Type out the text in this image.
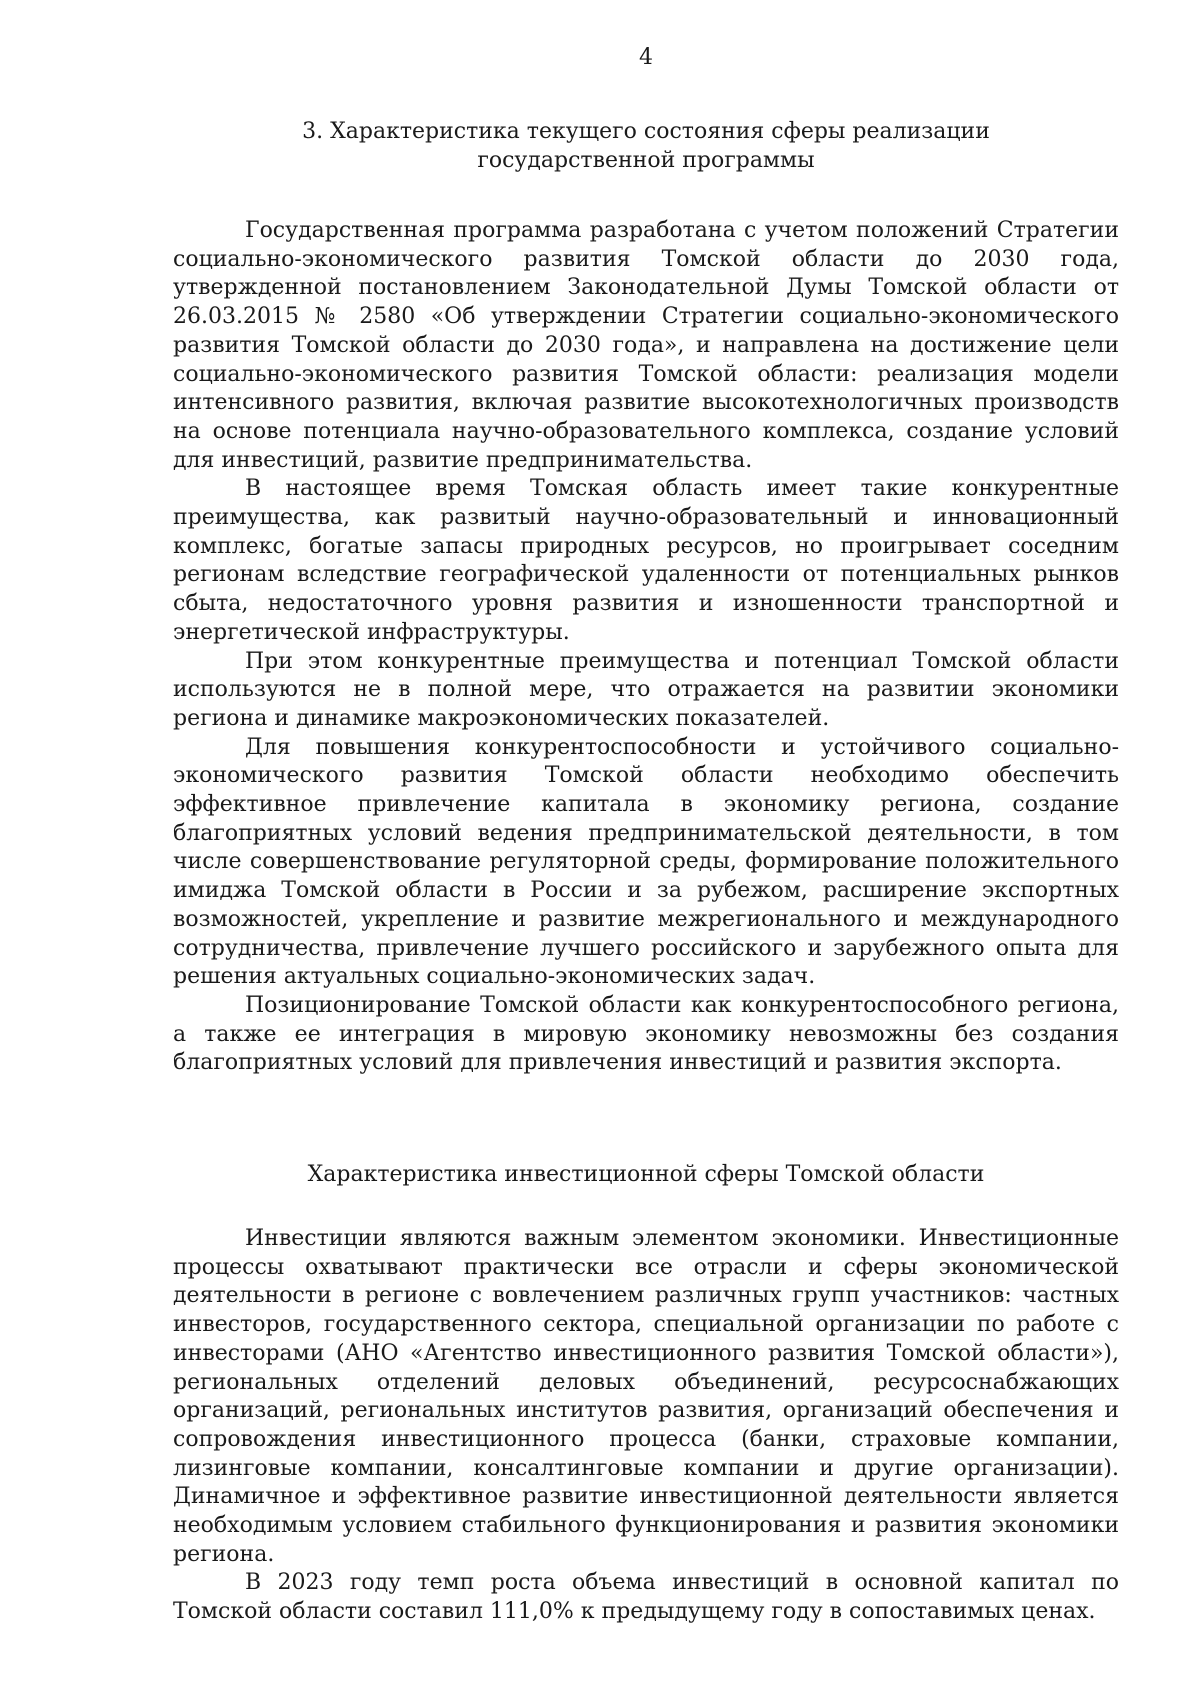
4
3. Характеристика текущего состояния сферы реализации
государственной программы

Государственная программа разработана с учетом положений Стратегии социально-экономического развития Томской области до 2030 года, утвержденной постановлением Законодательной Думы Томской области от 26.03.2015 № 2580 «Об утверждении Стратегии социально-экономического развития Томской области до 2030 года», и направлена на достижение цели социально-экономического развития Томской области: реализация модели интенсивного развития, включая развитие высокотехнологичных производств на основе потенциала научно-образовательного комплекса, создание условий для инвестиций, развитие предпринимательства.

В настоящее время Томская область имеет такие конкурентные преимущества, как развитый научно-образовательный и инновационный комплекс, богатые запасы природных ресурсов, но проигрывает соседним регионам вследствие географической удаленности от потенциальных рынков сбыта, недостаточного уровня развития и изношенности транспортной и энергетической инфраструктуры.

При этом конкурентные преимущества и потенциал Томской области используются не в полной мере, что отражается на развитии экономики региона и динамике макроэкономических показателей.

Для повышения конкурентоспособности и устойчивого социально-экономического развития Томской области необходимо обеспечить эффективное привлечение капитала в экономику региона, создание благоприятных условий ведения предпринимательской деятельности, в том числе совершенствование регуляторной среды, формирование положительного имиджа Томской области в России и за рубежом, расширение экспортных возможностей, укрепление и развитие межрегионального и международного сотрудничества, привлечение лучшего российского и зарубежного опыта для решения актуальных социально-экономических задач.

Позиционирование Томской области как конкурентоспособного региона, а также ее интеграция в мировую экономику невозможны без создания благоприятных условий для привлечения инвестиций и развития экспорта.

Характеристика инвестиционной сферы Томской области

Инвестиции являются важным элементом экономики. Инвестиционные процессы охватывают практически все отрасли и сферы экономической деятельности в регионе с вовлечением различных групп участников: частных инвесторов, государственного сектора, специальной организации по работе с инвесторами (АНО «Агентство инвестиционного развития Томской области»), региональных отделений деловых объединений, ресурсоснабжающих организаций, региональных институтов развития, организаций обеспечения и сопровождения инвестиционного процесса (банки, страховые компании, лизинговые компании, консалтинговые компании и другие организации). Динамичное и эффективное развитие инвестиционной деятельности является необходимым условием стабильного функционирования и развития экономики региона.

В 2023 году темп роста объема инвестиций в основной капитал по Томской области составил 111,0% к предыдущему году в сопоставимых ценах.
